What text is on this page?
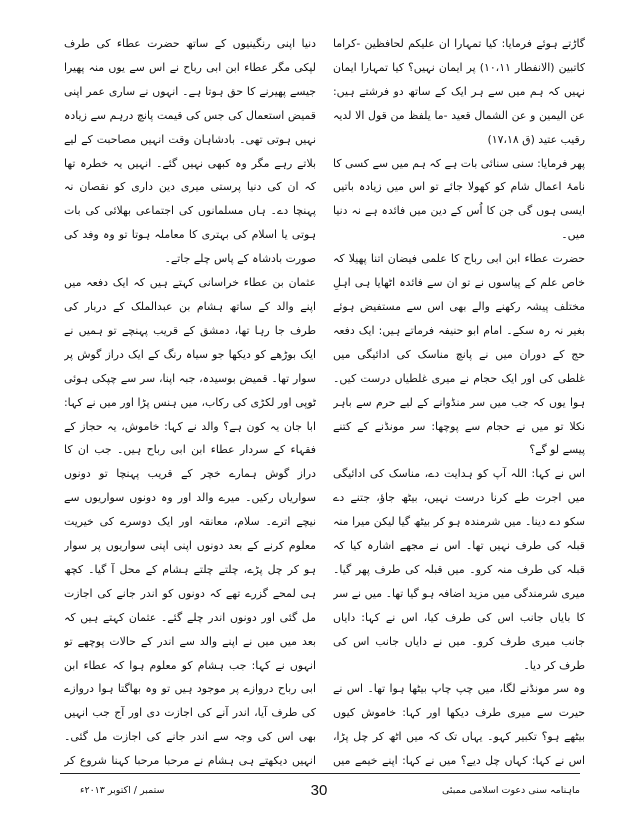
گاڑتے ہوئے فرمایا: کیا تمہارا ان علیکم لحافظین -کراما کاتبین (الانفطار ۱۰،۱۱) پر ایمان نہیں؟ کیا تمہارا ایمان نہیں کہ ہم میں سے ہر ایک کے ساتھ دو فرشتے ہیں: عن الیمین و عن الشمال قعید -ما یلفظ من قول الا لدیہ رقیب عتید (ق ۱۷،۱۸)

پھر فرمایا: سنی سنائی بات ہے کہ ہم میں سے کسی کا نامۂ اعمال شام کو کھولا جائے تو اس میں زیادہ باتیں ایسی ہوں گی جن کا اُس کے دین میں فائدہ ہے نہ دنیا میں۔

حضرت عطاء ابن ابی رباح کا علمی فیضان اتنا پھیلا کہ خاص علم کے پیاسوں نے تو ان سے فائدہ اٹھایا ہی اہلِ مختلف پیشہ رکھنے والے بھی اس سے مستفیض ہوئے بغیر نہ رہ سکے۔ امام ابو حنیفہ فرماتے ہیں: ایک دفعہ حج کے دوران میں نے پانچ مناسک کی ادائیگی میں غلطی کی اور ایک حجام نے میری غلطیاں درست کیں۔ ہوا یوں کہ جب میں سر منڈوانے کے لیے حرم سے باہر نکلا تو میں نے حجام سے پوچھا: سر مونڈنے کے کتنے پیسے لو گے؟

اس نے کہا: اللہ آپ کو ہدایت دے، مناسک کی ادائیگی میں اجرت طے کرنا درست نہیں، بیٹھ جاؤ، جتنے دے سکو دے دینا۔ میں شرمندہ ہو کر بیٹھ گیا لیکن میرا منہ قبلہ کی طرف نہیں تھا۔ اس نے مجھے اشارہ کیا کہ قبلہ کی طرف منہ کرو۔ میں قبلہ کی طرف پھر گیا۔ میری شرمندگی میں مزید اضافہ ہو گیا تھا۔ میں نے سر کا بایاں جانب اس کی طرف کیا، اس نے کہا: دایاں جانب میری طرف کرو۔ میں نے دایاں جانب اس کی طرف کر دیا۔

وہ سر مونڈنے لگا، میں چپ چاپ بیٹھا ہوا تھا۔ اس نے حیرت سے میری طرف دیکھا اور کہا: خاموش کیوں بیٹھے ہو؟ تکبیر کہو۔ یہاں تک کہ میں اٹھ کر چل پڑا، اس نے کہا: کہاں چل دیے؟ میں نے کہا: اپنے خیمے میں

دنیا اپنی رنگینیوں کے ساتھ حضرت عطاء کی طرف لپکی مگر عطاء ابن ابی رباح نے اس سے یوں منہ پھیرا جیسے پھیرنے کا حق ہوتا ہے۔ انہوں نے ساری عمر اپنی قمیض استعمال کی جس کی قیمت پانچ درہم سے زیادہ نہیں ہوتی تھی۔ بادشاہان وقت انہیں مصاحبت کے لیے بلاتے رہے مگر وہ کبھی نہیں گئے۔ انہیں یہ خطرہ تھا کہ ان کی دنیا پرستی میری دین داری کو نقصان نہ پہنچا دے۔ ہاں مسلمانوں کی اجتماعی بھلائی کی بات ہوتی یا اسلام کی بہتری کا معاملہ ہوتا تو وہ وفد کی صورت بادشاہ کے پاس چلے جاتے۔

عثمان بن عطاء خراسانی کہتے ہیں کہ ایک دفعہ میں اپنے والد کے ساتھ ہشام بن عبدالملک کے دربار کی طرف جا رہا تھا، دمشق کے قریب پہنچے تو ہمیں نے ایک بوڑھے کو دیکھا جو سیاہ رنگ کے ایک دراز گوش پر سوار تھا۔ قمیض بوسیدہ، جبہ اپنا، سر سے چپکی ہوئی ٹوپی اور لکڑی کی رکاب، میں ہنس پڑا اور میں نے کہا: ابا جان یہ کون ہے؟ والد نے کہا: خاموش، یہ حجاز کے فقہاء کے سردار عطاء ابن ابی رباح ہیں۔ جب ان کا دراز گوش ہمارے خچر کے قریب پہنچا تو دونوں سواریاں رکیں۔ میرے والد اور وہ دونوں سواریوں سے نیچے اترے۔ سلام، معانقہ اور ایک دوسرے کی خیریت معلوم کرنے کے بعد دونوں اپنی اپنی سواریوں پر سوار ہو کر چل پڑے، چلتے چلتے ہشام کے محل آ گیا۔ کچھ ہی لمحے گزرے تھے کہ دونوں کو اندر جانے کی اجازت مل گئی اور دونوں اندر چلے گئے۔ عثمان کہتے ہیں کہ بعد میں میں نے اپنے والد سے اندر کے حالات پوچھے تو انہوں نے کہا: جب ہشام کو معلوم ہوا کہ عطاء ابن ابی رباح دروازے پر موجود ہیں تو وہ بھاگتا ہوا دروازے کی طرف آیا، اندر آنے کی اجازت دی اور آج جب انہیں بھی اس کی وجہ سے اندر جانے کی اجازت مل گئی۔ انہیں دیکھتے ہی ہشام نے مرحبا مرحبا کہنا شروع کر

ماہنامہ سنی دعوت اسلامی ممبئی
30
ستمبر / اکتوبر ۲۰۱۳ء
